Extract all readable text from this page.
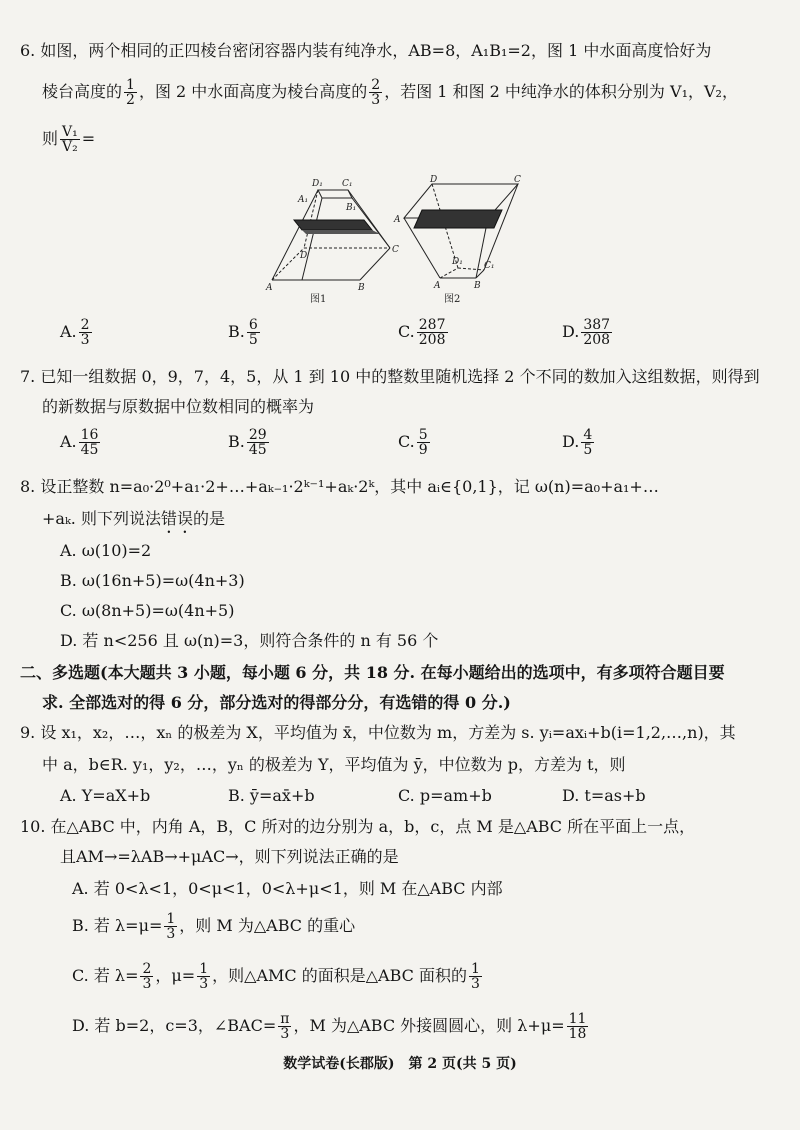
6. 如图，两个相同的正四棱台密闭容器内装有纯净水，AB=8，A₁B₁=2，图 1 中水面高度恰好为
棱台高度的 $\frac{1}{2}$ ，图 2 中水面高度为棱台高度的 $\frac{2}{3}$ ，若图 1 和图 2 中纯净水的体积分别为 V₁，V₂，
则 $\frac{\text{V₁}}{\text{V₂}}$ =
D₁ C₁
A₁
B₁
D
C
A	B
图1
D	C
A
D₁ C₁
A	B
图2
A. $\frac{2}{3}$	B. $\frac{6}{5}$	C. $\frac{287}{208}$	D. $\frac{387}{208}$
7. 已知一组数据 0，9，7，4，5，从 1 到 10 中的整数里随机选择 2 个不同的数加入这组数据，则得到
的新数据与原数据中位数相同的概率为
A. $\frac{16}{45}$	B. $\frac{29}{45}$	C. $\frac{5}{9}$	D. $\frac{4}{5}$
8. 设正整数 n=a₀·2⁰+a₁·2+…+aₖ₋₁·2ᵏ⁻¹+aₖ·2ᵏ，其中 aᵢ∈{0,1}，记 ω(n)=a₀+a₁+…
+aₖ. 则下列说法错误的是
A. ω(10)=2
B. ω(16n+5)=ω(4n+3)
C. ω(8n+5)=ω(4n+5)
D. 若 n<256 且 ω(n)=3，则符合条件的 n 有 56 个
二、多选题(本大题共 3 小题，每小题 6 分，共 18 分. 在每小题给出的选项中，有多项符合题目要
求. 全部选对的得 6 分，部分选对的得部分分，有选错的得 0 分.)
9. 设 x₁，x₂，…，xₙ 的极差为 X，平均值为 x̄，中位数为 m，方差为 s. yᵢ=axᵢ+b(i=1,2,…,n)，其
中 a，b∈R. y₁，y₂，…，yₙ 的极差为 Y，平均值为 ȳ，中位数为 p，方差为 t，则
A. Y=aX+b	B. ȳ=ax̄+b	C. p=am+b	D. t=as+b
10. 在△ABC 中，内角 A，B，C 所对的边分别为 a，b，c，点 M 是△ABC 所在平面上一点，
且AM→=λAB→+μAC→，则下列说法正确的是
A. 若 0<λ<1，0<μ<1，0<λ+μ<1，则 M 在△ABC 内部
B. 若 $\lambda=\mu= \frac{1}{3}$ ，则 M 为△ABC 的重心
C. 若 $\lambda= \frac{2}{3}$ ，$\mu= \frac{1}{3}$ ，则△AMC 的面积是△ABC 面积的 $\frac{1}{3}$
D. 若 b=2，c=3，∠BAC= $\frac{\pi}{3}$ ，M 为△ABC 外接圆圆心，则 $\lambda+\mu= \frac{11}{18}$
数学试卷(长郡版)　第 2 页(共 5 页)
